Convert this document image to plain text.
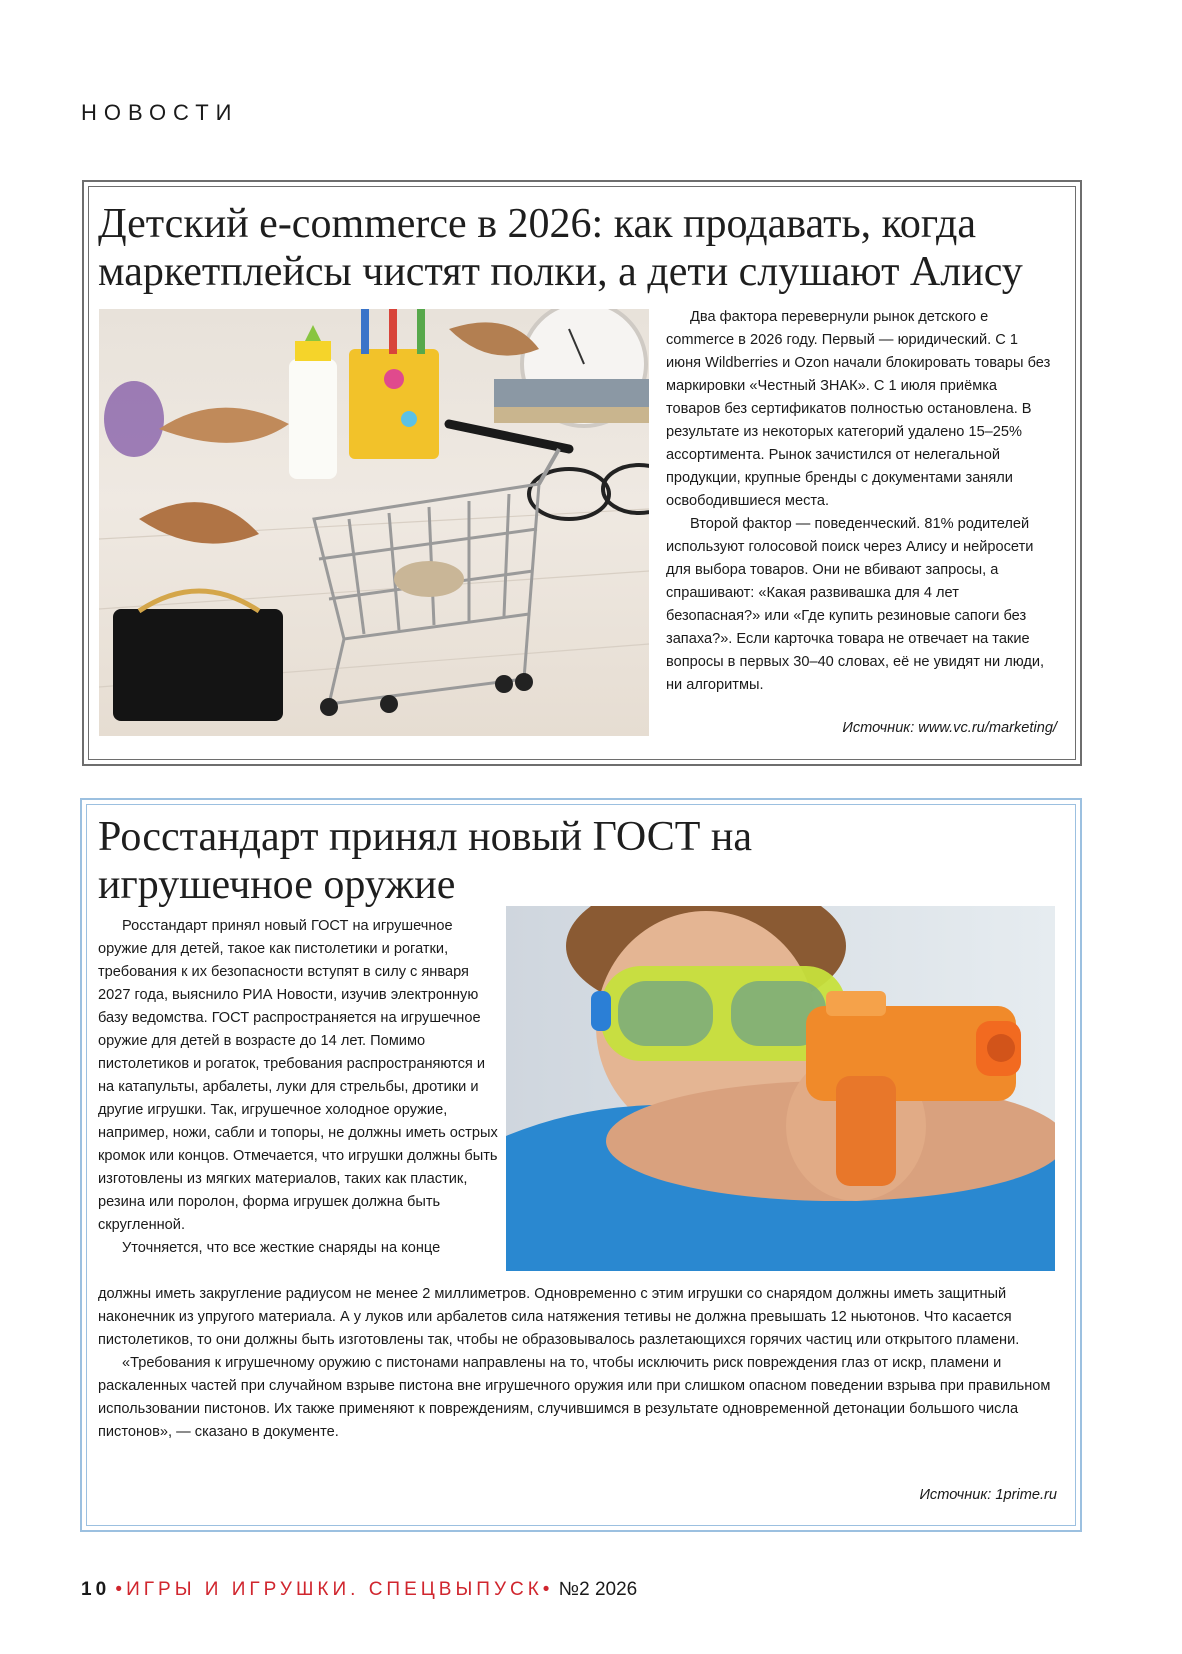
НОВОСТИ
Детский e-commerce в 2026: как продавать, когда маркетплейсы чистят полки, а дети слушают Алису

Два фактора перевернули рынок детского e commerce в 2026 году. Первый — юридический. С 1 июня Wildberries и Ozon начали блокировать товары без маркировки «Честный ЗНАК». С 1 июля приёмка товаров без сертификатов полностью остановлена. В результате из некоторых категорий удалено 15–25% ассортимента. Рынок зачистился от нелегальной продукции, крупные бренды с документами заняли освободившиеся места.

Второй фактор — поведенческий. 81% родителей используют голосовой поиск через Алису и нейросети для выбора товаров. Они не вбивают запросы, а спрашивают: «Какая развивашка для 4 лет безопасная?» или «Где купить резиновые сапоги без запаха?». Если карточка товара не отвечает на такие вопросы в первых 30–40 словах, её не увидят ни люди, ни алгоритмы.

Источник: www.vc.ru/marketing/
Росстандарт принял новый ГОСТ на игрушечное оружие

Росстандарт принял новый ГОСТ на игрушечное оружие для детей, такое как пистолетики и рогатки, требования к их безопасности вступят в силу с января 2027 года, выяснило РИА Новости, изучив электронную базу ведомства. ГОСТ распространяется на игрушечное оружие для детей в возрасте до 14 лет. Помимо пистолетиков и рогаток, требования распространяются и на катапульты, арбалеты, луки для стрельбы, дротики и другие игрушки. Так, игрушечное холодное оружие, например, ножи, сабли и топоры, не должны иметь острых кромок или концов. Отмечается, что игрушки должны быть изготовлены из мягких материалов, таких как пластик, резина или поролон, форма игрушек должна быть скругленной.

Уточняется, что все жесткие снаряды на конце

должны иметь закругление радиусом не менее 2 миллиметров. Одновременно с этим игрушки со снарядом должны иметь защитный наконечник из упругого материала. А у луков или арбалетов сила натяжения тетивы не должна превышать 12 ньютонов. Что касается пистолетиков, то они должны быть изготовлены так, чтобы не образовывалось разлетающихся горячих частиц или открытого пламени.

«Требования к игрушечному оружию с пистонами направлены на то, чтобы исключить риск повреждения глаз от искр, пламени и раскаленных частей при случайном взрыве пистона вне игрушечного оружия или при слишком опасном поведении взрыва при правильном использовании пистонов. Их также применяют к повреждениям, случившимся в результате одновременной детонации большого числа пистонов», — сказано в документе.

Источник: 1prime.ru
10 •ИГРЫ И ИГРУШКИ. СПЕЦВЫПУСК• №2 2026
